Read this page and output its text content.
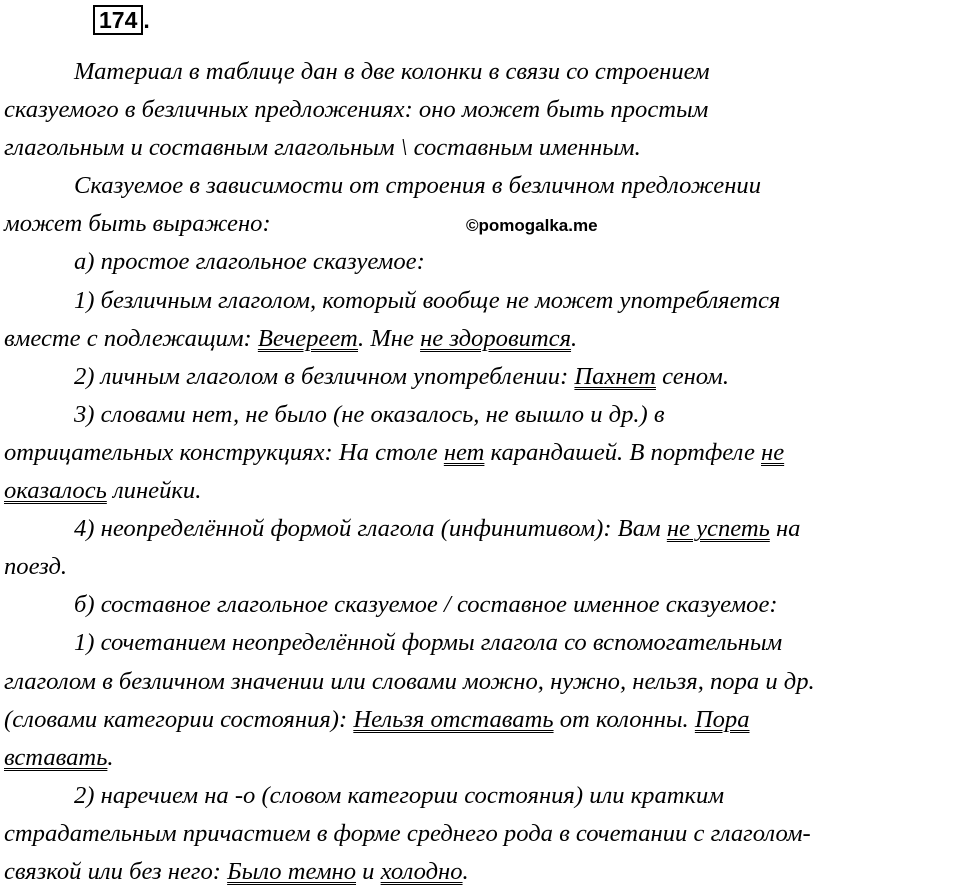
174 .
©pomogalka.me
Материал в таблице дан в две колонки в связи со строением
сказуемого в безличных предложениях: оно может быть простым
глагольным и составным глагольным \ составным именным.
Сказуемое в зависимости от строения в безличном предложении
может быть выражено:
а) простое глагольное сказуемое:
1) безличным глаголом, который вообще не может употребляется
вместе с подлежащим: Вечереет. Мне не здоровится.
2) личным глаголом в безличном употреблении: Пахнет сеном.
3) словами нет, не было (не оказалось, не вышло и др.) в
отрицательных конструкциях: На столе нет карандашей. В портфеле не
оказалось линейки.
4) неопределённой формой глагола (инфинитивом): Вам не успеть на
поезд.
б) составное глагольное сказуемое / составное именное сказуемое:
1) сочетанием неопределённой формы глагола со вспомогательным
глаголом в безличном значении или словами можно, нужно, нельзя, пора и др.
(словами категории состояния): Нельзя отставать от колонны. Пора
вставать.
2) наречием на -о (словом категории состояния) или кратким
страдательным причастием в форме среднего рода в сочетании с глаголом-
связкой или без него: Было темно и холодно.
